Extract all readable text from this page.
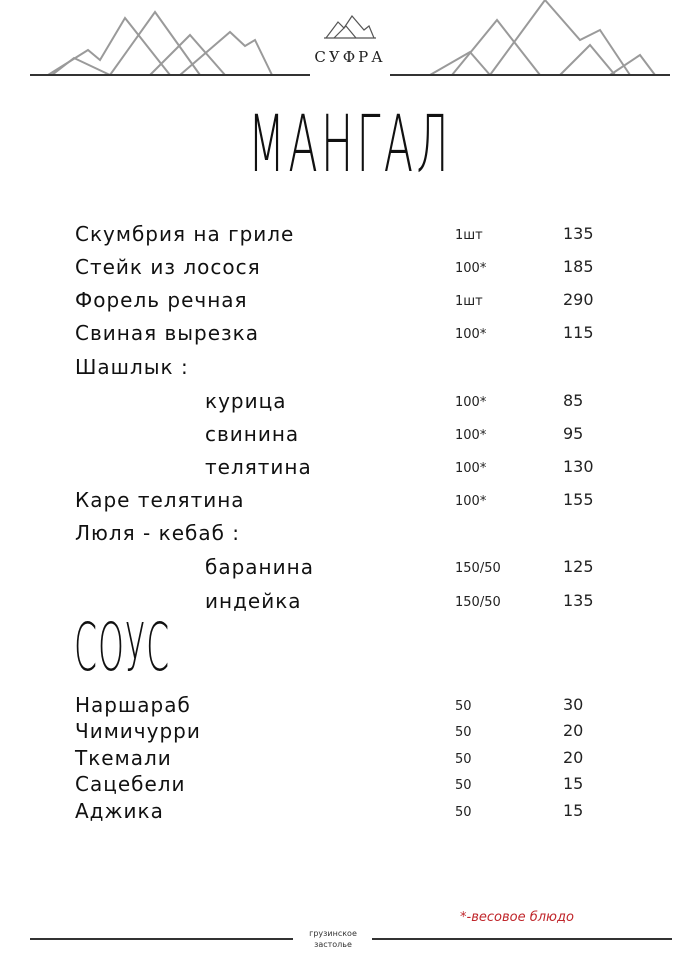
СУФРА
МАНГАЛ
Скумбрия на гриле	1шт	135
Стейк из лосося	100*	185
Форель речная	1шт	290
Свиная вырезка	100*	115
Шашлык :
курица	100*	85
свинина	100*	95
телятина	100*	130
Каре телятина	100*	155
Люля - кебаб :
баранина	150/50	125
индейка	150/50	135
СОУС
Наршараб	50	30
Чимичурри	50	20
Ткемали	50	20
Сацебели	50	15
Аджика	50	15
грузинское
застолье
*-весовое блюдо
